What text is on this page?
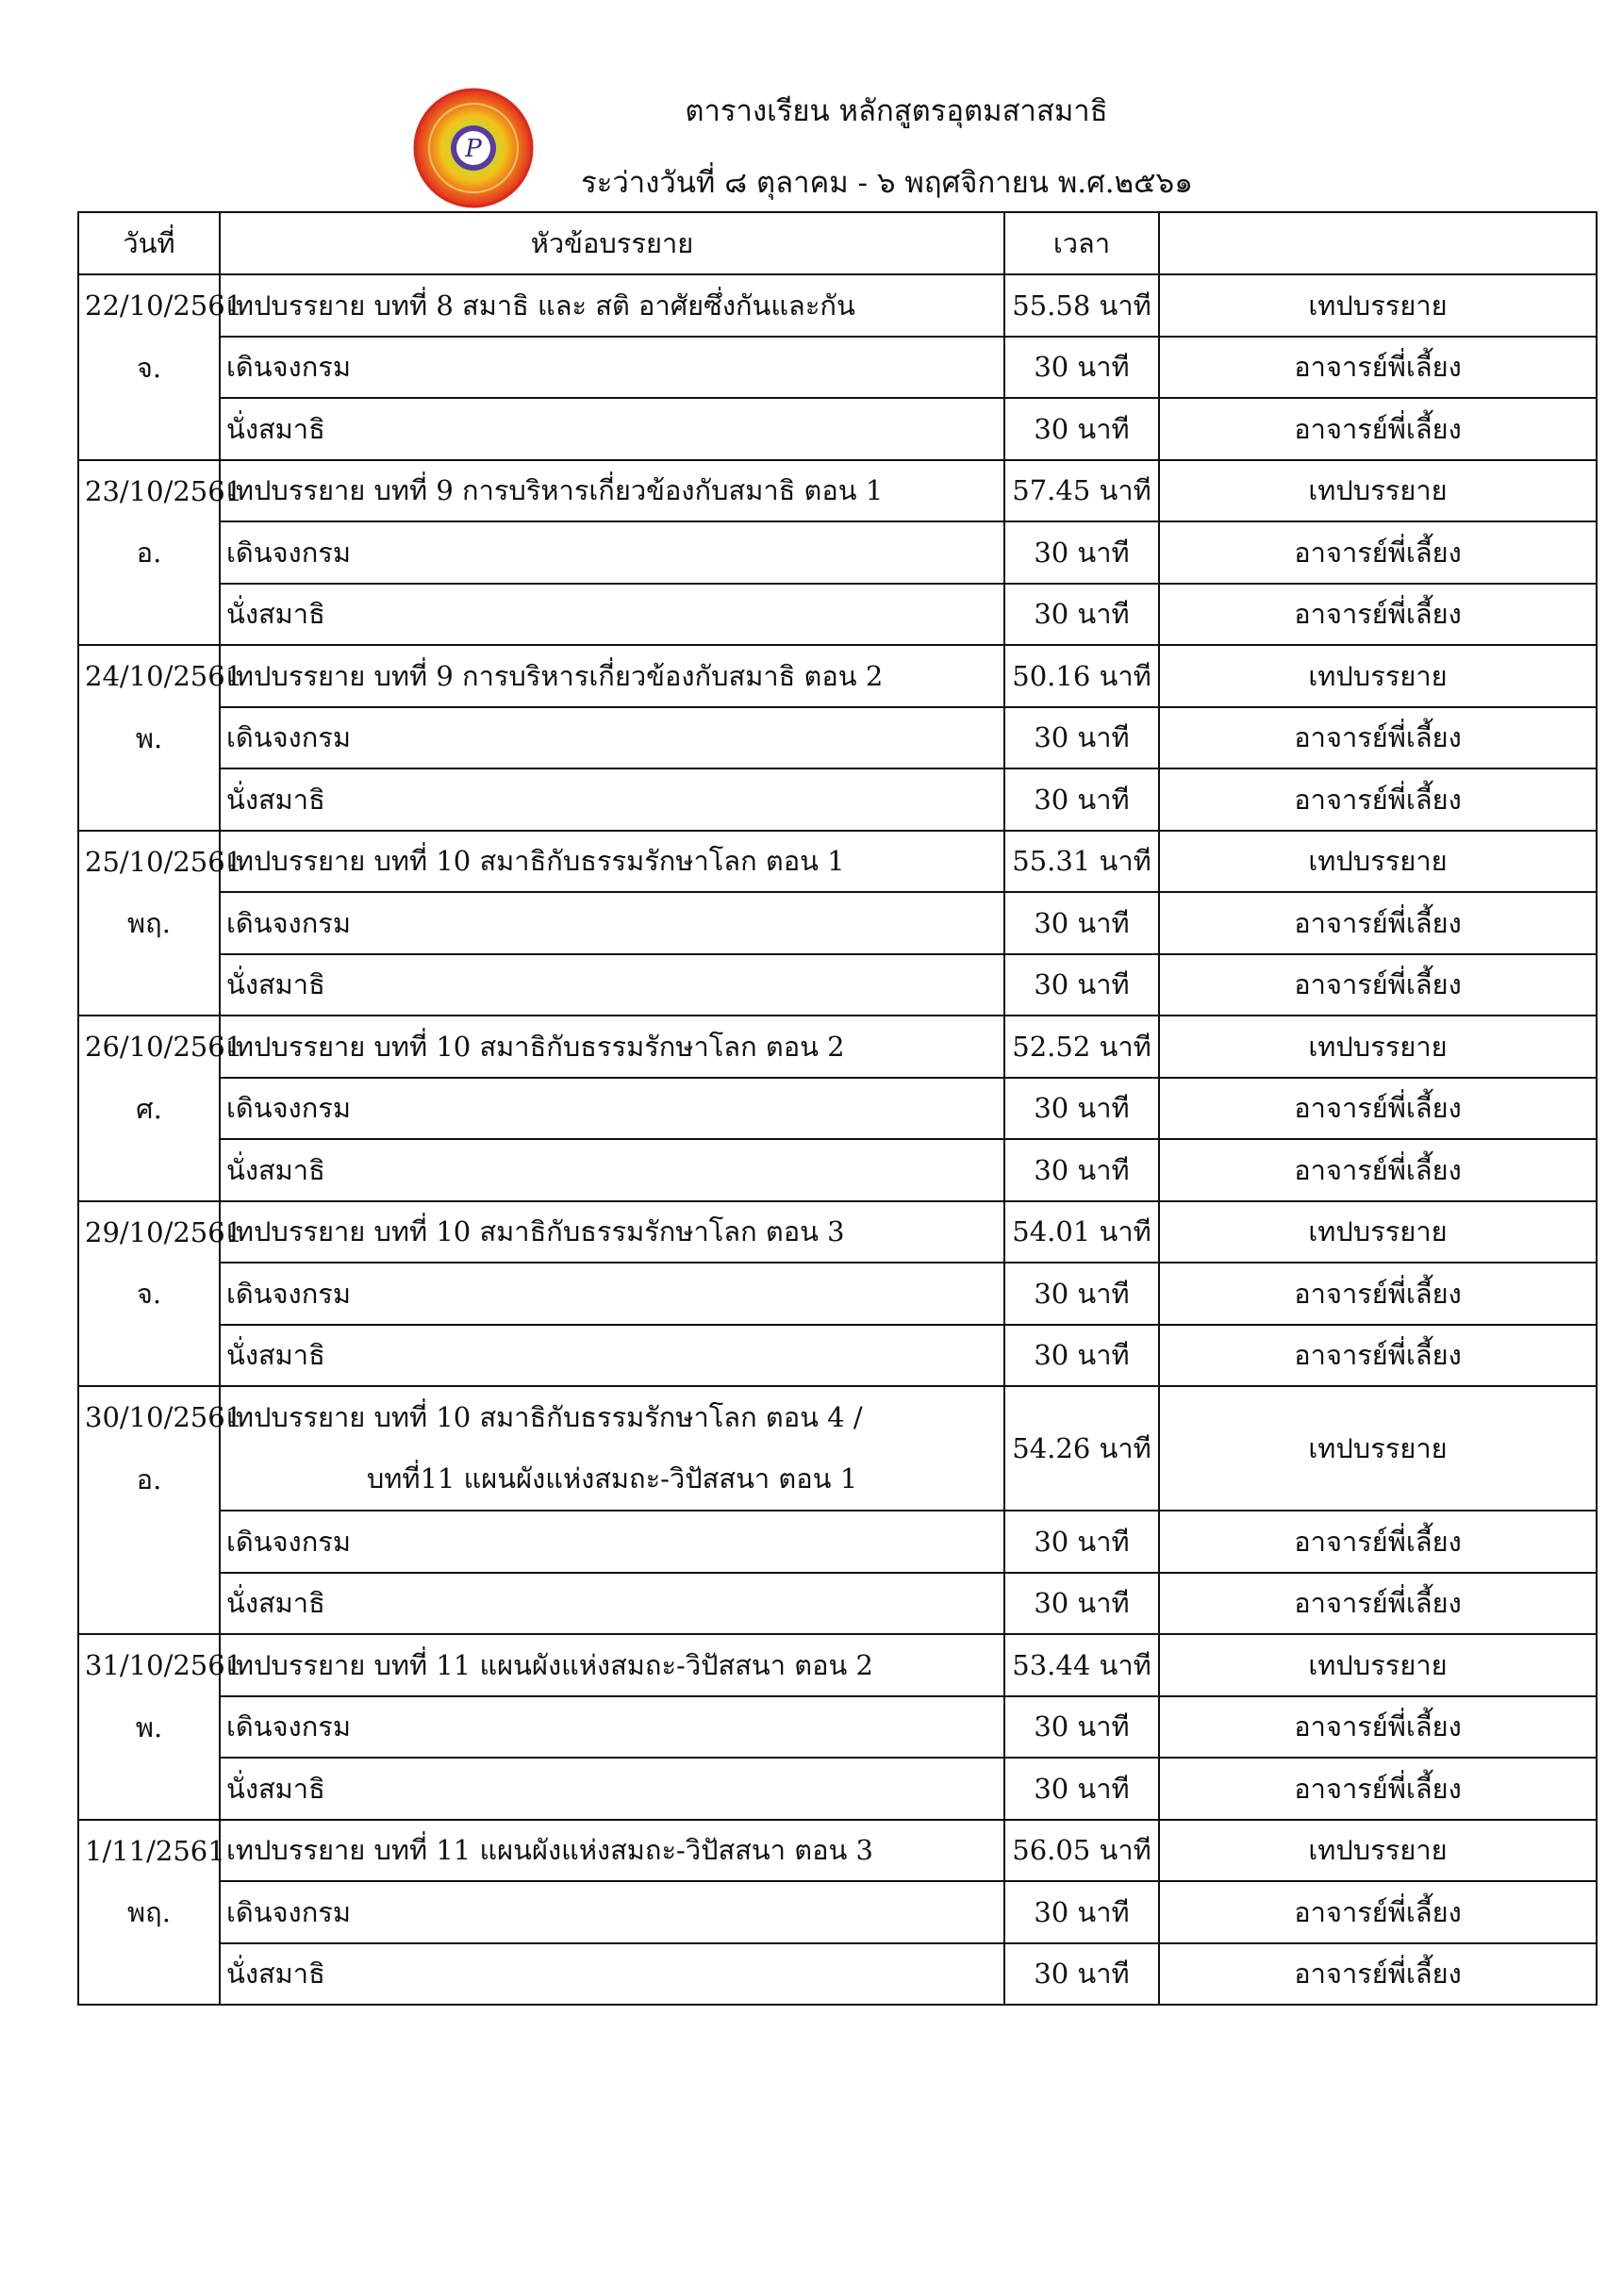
P
ตารางเรียน หลักสูตรอุตมสาสมาธิ
ระว่างวันที่ ๘ ตุลาคม - ๖ พฤศจิกายน พ.ศ.๒๕๖๑
วันที่	หัวข้อบรรยาย	เวลา	

22/10/2561
จ.	เทปบรรยาย บทที่ 8 สมาธิ และ สติ อาศัยซึ่งกันและกัน	55.58 นาที	เทปบรรยาย
	เดินจงกรม	30 นาที	อาจารย์พี่เลี้ยง
	นั่งสมาธิ	30 นาที	อาจารย์พี่เลี้ยง

23/10/2561
อ.	เทปบรรยาย บทที่ 9 การบริหารเกี่ยวข้องกับสมาธิ ตอน 1	57.45 นาที	เทปบรรยาย
	เดินจงกรม	30 นาที	อาจารย์พี่เลี้ยง
	นั่งสมาธิ	30 นาที	อาจารย์พี่เลี้ยง

24/10/2561
พ.	เทปบรรยาย บทที่ 9 การบริหารเกี่ยวข้องกับสมาธิ ตอน 2	50.16 นาที	เทปบรรยาย
	เดินจงกรม	30 นาที	อาจารย์พี่เลี้ยง
	นั่งสมาธิ	30 นาที	อาจารย์พี่เลี้ยง

25/10/2561
พฤ.	เทปบรรยาย บทที่ 10 สมาธิกับธรรมรักษาโลก ตอน 1	55.31 นาที	เทปบรรยาย
	เดินจงกรม	30 นาที	อาจารย์พี่เลี้ยง
	นั่งสมาธิ	30 นาที	อาจารย์พี่เลี้ยง

26/10/2561
ศ.	เทปบรรยาย บทที่ 10 สมาธิกับธรรมรักษาโลก ตอน 2	52.52 นาที	เทปบรรยาย
	เดินจงกรม	30 นาที	อาจารย์พี่เลี้ยง
	นั่งสมาธิ	30 นาที	อาจารย์พี่เลี้ยง

29/10/2561
จ.	เทปบรรยาย บทที่ 10 สมาธิกับธรรมรักษาโลก ตอน 3	54.01 นาที	เทปบรรยาย
	เดินจงกรม	30 นาที	อาจารย์พี่เลี้ยง
	นั่งสมาธิ	30 นาที	อาจารย์พี่เลี้ยง

30/10/2561
อ.	เทปบรรยาย บทที่ 10 สมาธิกับธรรมรักษาโลก ตอน 4 /
บทที่11 แผนผังแห่งสมถะ-วิปัสสนา ตอน 1	54.26 นาที	เทปบรรยาย
	เดินจงกรม	30 นาที	อาจารย์พี่เลี้ยง
	นั่งสมาธิ	30 นาที	อาจารย์พี่เลี้ยง

31/10/2561
พ.	เทปบรรยาย บทที่ 11 แผนผังแห่งสมถะ-วิปัสสนา ตอน 2	53.44 นาที	เทปบรรยาย
	เดินจงกรม	30 นาที	อาจารย์พี่เลี้ยง
	นั่งสมาธิ	30 นาที	อาจารย์พี่เลี้ยง

1/11/2561
พฤ.	เทปบรรยาย บทที่ 11 แผนผังแห่งสมถะ-วิปัสสนา ตอน 3	56.05 นาที	เทปบรรยาย
	เดินจงกรม	30 นาที	อาจารย์พี่เลี้ยง
	นั่งสมาธิ	30 นาที	อาจารย์พี่เลี้ยง
